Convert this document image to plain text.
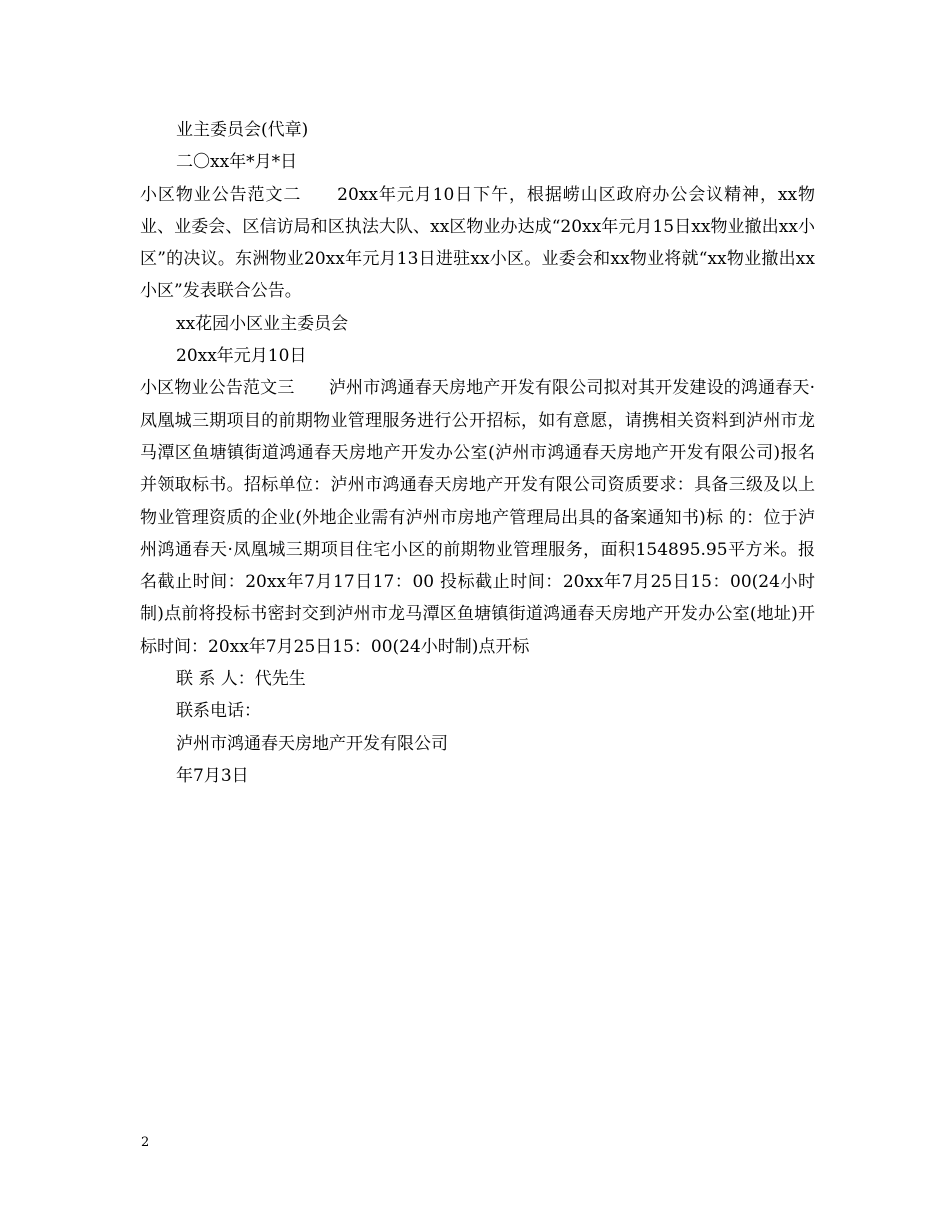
业主委员会(代章)
二〇xx年*月*日
小区物业公告范文二　　20xx年元月10日下午，根据崂山区政府办公会议精神，xx物业、业委会、区信访局和区执法大队、xx区物业办达成“20xx年元月15日xx物业撤出xx小区”的决议。东洲物业20xx年元月13日进驻xx小区。业委会和xx物业将就“xx物业撤出xx小区”发表联合公告。
xx花园小区业主委员会
20xx年元月10日
小区物业公告范文三　　泸州市鸿通春天房地产开发有限公司拟对其开发建设的鸿通春天·凤凰城三期项目的前期物业管理服务进行公开招标，如有意愿，请携相关资料到泸州市龙马潭区鱼塘镇街道鸿通春天房地产开发办公室(泸州市鸿通春天房地产开发有限公司)报名并领取标书。招标单位：泸州市鸿通春天房地产开发有限公司资质要求：具备三级及以上物业管理资质的企业(外地企业需有泸州市房地产管理局出具的备案通知书)标 的：位于泸州鸿通春天·凤凰城三期项目住宅小区的前期物业管理服务，面积154895.95平方米。报名截止时间：20xx年7月17日17：00 投标截止时间：20xx年7月25日15：00(24小时制)点前将投标书密封交到泸州市龙马潭区鱼塘镇街道鸿通春天房地产开发办公室(地址)开标时间：20xx年7月25日15：00(24小时制)点开标
联 系 人：代先生
联系电话：
泸州市鸿通春天房地产开发有限公司
年7月3日
2
